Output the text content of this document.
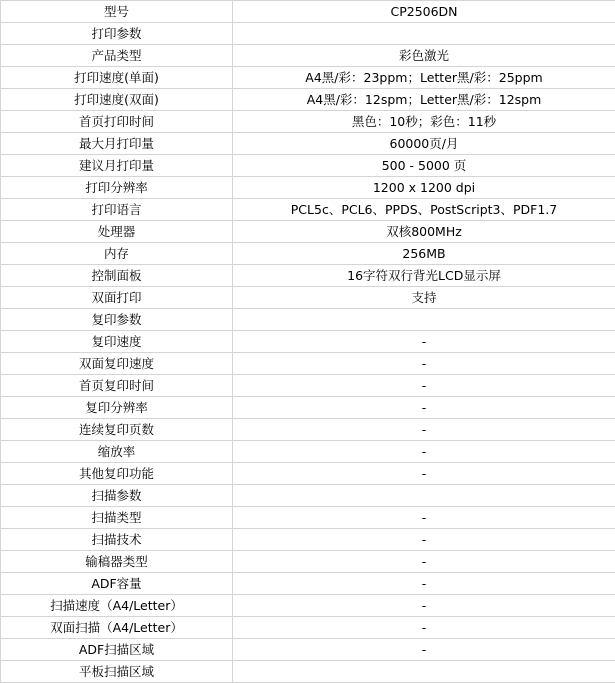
型号	CP2506DN
打印参数	
产品类型	彩色激光
打印速度(单面)	A4黑/彩：23ppm；Letter黑/彩：25ppm
打印速度(双面)	A4黑/彩：12spm；Letter黑/彩：12spm
首页打印时间	黑色：10秒；彩色：11秒
最大月打印量	60000页/月
建议月打印量	500 - 5000 页
打印分辨率	1200 x 1200 dpi
打印语言	PCL5c、PCL6、PPDS、PostScript3、PDF1.7
处理器	双核800MHz
内存	256MB
控制面板	16字符双行背光LCD显示屏
双面打印	支持
复印参数	
复印速度	-
双面复印速度	-
首页复印时间	-
复印分辨率	-
连续复印页数	-
缩放率	-
其他复印功能	-
扫描参数	
扫描类型	-
扫描技术	-
输稿器类型	-
ADF容量	-
扫描速度（A4/Letter）	-
双面扫描（A4/Letter）	-
ADF扫描区域	-
平板扫描区域	
